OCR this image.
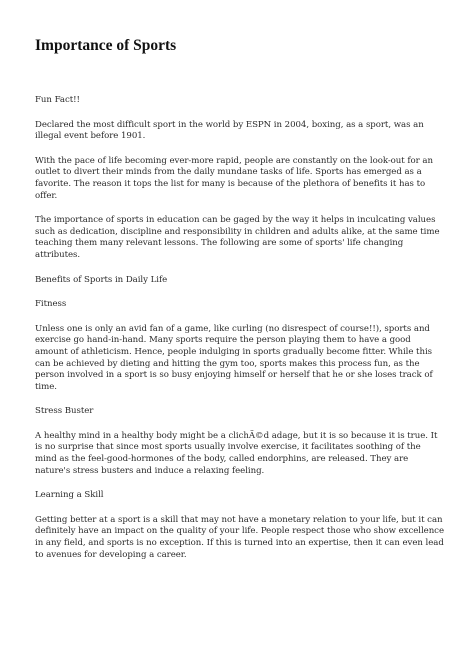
Importance of Sports

Fun Fact!!

Declared the most difficult sport in the world by ESPN in 2004, boxing, as a sport, was an illegal event before 1901.

With the pace of life becoming ever-more rapid, people are constantly on the look-out for an outlet to divert their minds from the daily mundane tasks of life. Sports has emerged as a favorite. The reason it tops the list for many is because of the plethora of benefits it has to offer.

The importance of sports in education can be gaged by the way it helps in inculcating values such as dedication, discipline and responsibility in children and adults alike, at the same time teaching them many relevant lessons. The following are some of sports' life changing attributes.

Benefits of Sports in Daily Life

Fitness

Unless one is only an avid fan of a game, like curling (no disrespect of course!!), sports and exercise go hand-in-hand. Many sports require the person playing them to have a good amount of athleticism. Hence, people indulging in sports gradually become fitter. While this can be achieved by dieting and hitting the gym too, sports makes this process fun, as the person involved in a sport is so busy enjoying himself or herself that he or she loses track of time.

Stress Buster

A healthy mind in a healthy body might be a clichÃ©d adage, but it is so because it is true. It is no surprise that since most sports usually involve exercise, it facilitates soothing of the mind as the feel-good-hormones of the body, called endorphins, are released. They are nature's stress busters and induce a relaxing feeling.

Learning a Skill

Getting better at a sport is a skill that may not have a monetary relation to your life, but it can definitely have an impact on the quality of your life. People respect those who show excellence in any field, and sports is no exception. If this is turned into an expertise, then it can even lead to avenues for developing a career.
